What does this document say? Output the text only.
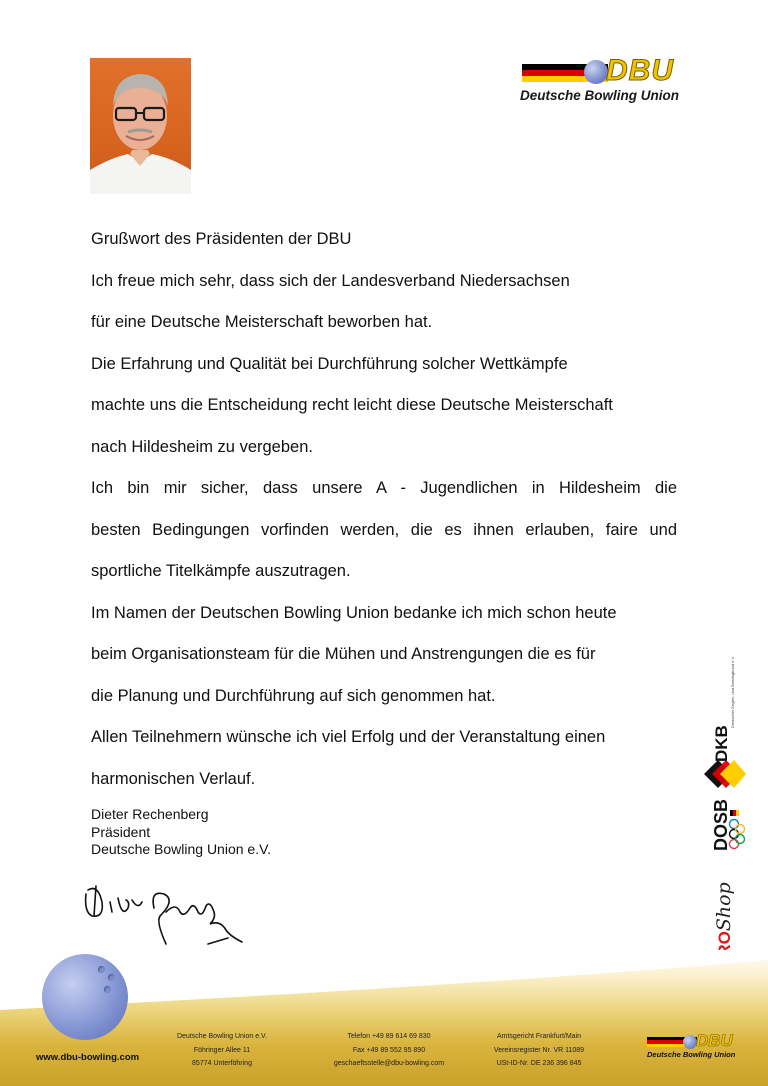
DBU
Deutsche Bowling Union

Grußwort des Präsidenten der DBU

Ich freue mich sehr, dass sich der Landesverband Niedersachsen

für eine Deutsche Meisterschaft beworben hat.

Die Erfahrung und Qualität bei Durchführung solcher Wettkämpfe

machte uns die Entscheidung recht leicht diese Deutsche Meisterschaft

nach Hildesheim zu vergeben.

Ich bin mir sicher, dass unsere A - Jugendlichen in Hildesheim die

besten Bedingungen vorfinden werden, die es ihnen erlauben, faire und

sportliche Titelkämpfe auszutragen.

Im Namen der Deutschen Bowling Union bedanke ich mich schon heute

beim Organisationsteam für die Mühen und Anstrengungen die es für

die Planung und Durchführung auf sich genommen hat.

Allen Teilnehmern wünsche ich viel Erfolg und der Veranstaltung einen

harmonischen Verlauf.

Dieter Rechenberg
Präsident
Deutsche Bowling Union e.V.
DKB
Deutscher Kegler- und Bowlingbund e.V.
DOSB
Shop
www.dbu-bowling.com
Deutsche Bowling Union e.V.
Föhringer Allee 11
85774 Unterföhring
Telefon +49 89 614 69 830
Fax +49 89 552 95 890
geschaeftsstelle@dbu-bowling.com
Amtsgericht Frankfurt/Main
Vereinsregister Nr. VR 11089
USt-ID-Nr. DE 236 396 845
DBU
Deutsche Bowling Union
